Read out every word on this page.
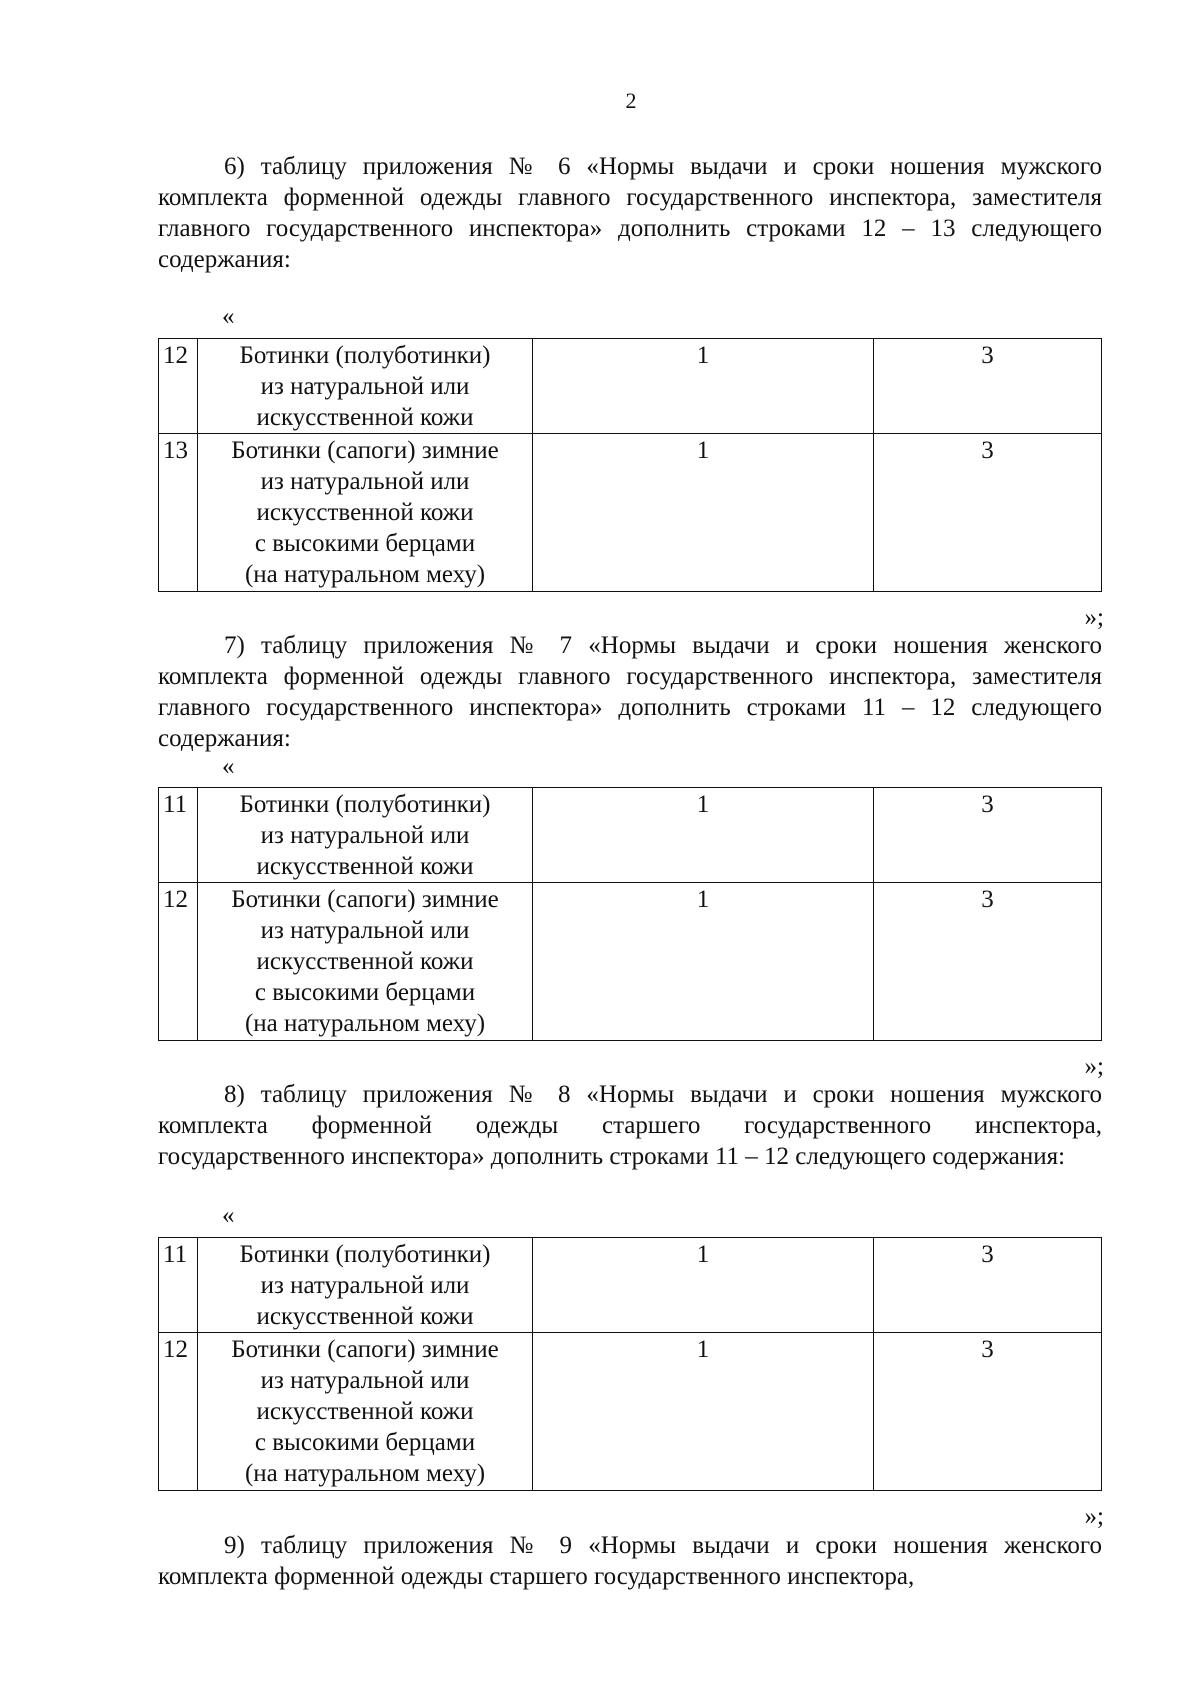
2

6) таблицу приложения № 6 «Нормы выдачи и сроки ношения мужского комплекта форменной одежды главного государственного инспектора, заместителя главного государственного инспектора» дополнить строками 12 – 13 следующего содержания:

«
12	Ботинки (полуботинки)
из натуральной или
искусственной кожи	1	3
13	Ботинки (сапоги) зимние
из натуральной или
искусственной кожи
с высокими берцами
(на натуральном меху)	1	3
»;

7) таблицу приложения № 7 «Нормы выдачи и сроки ношения женского комплекта форменной одежды главного государственного инспектора, заместителя главного государственного инспектора» дополнить строками 11 – 12 следующего содержания:

«
11	Ботинки (полуботинки)
из натуральной или
искусственной кожи	1	3
12	Ботинки (сапоги) зимние
из натуральной или
искусственной кожи
с высокими берцами
(на натуральном меху)	1	3
»;

8) таблицу приложения № 8 «Нормы выдачи и сроки ношения мужского комплекта форменной одежды старшего государственного инспектора, государственного инспектора» дополнить строками 11 – 12 следующего содержания:

«
11	Ботинки (полуботинки)
из натуральной или
искусственной кожи	1	3
12	Ботинки (сапоги) зимние
из натуральной или
искусственной кожи
с высокими берцами
(на натуральном меху)	1	3
»;

9) таблицу приложения № 9 «Нормы выдачи и сроки ношения женского комплекта форменной одежды старшего государственного инспектора,
